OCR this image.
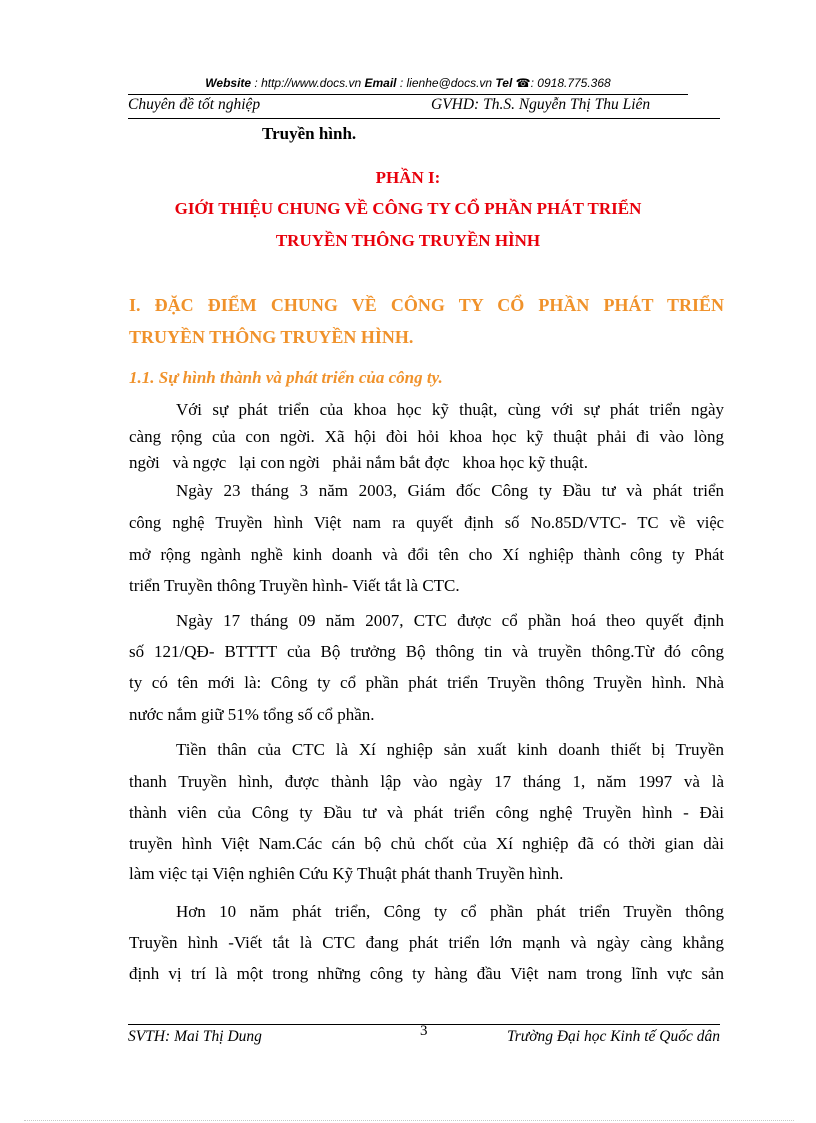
Website : http://www.docs.vn Email : lienhe@docs.vn Tel ☎: 0918.775.368
Chuyên đề tốt nghiệp	GVHD: Th.S. Nguyễn Thị Thu Liên
Truyền hình.
PHẦN I:
GIỚI THIỆU CHUNG VỀ CÔNG TY CỔ PHẦN PHÁT TRIỂN
TRUYỀN THÔNG TRUYỀN HÌNH
I. ĐẶC ĐIỂM CHUNG VỀ CÔNG TY CỔ PHẦN PHÁT TRIỂN
TRUYỀN THÔNG TRUYỀN HÌNH.
1.1. Sự hình thành và phát triển của công ty.
Với sự phát triển của khoa học kỹ thuật, cùng với sự phát triển ngày
càng rộng của con ngời. Xã hội đòi hỏi khoa học kỹ thuật phải đi vào lòng
ngời   và ngợc   lại con ngời   phải nắm bắt đợc   khoa học kỹ thuật.
Ngày 23 tháng 3 năm 2003, Giám đốc Công ty Đầu tư và phát triển
công nghệ Truyền hình Việt nam ra quyết định số No.85D/VTC- TC về việc
mở rộng ngành nghề kinh doanh và đổi tên cho Xí nghiệp thành công ty Phát
triển Truyền thông Truyền hình- Viết tắt là CTC.
Ngày 17 tháng 09 năm 2007, CTC được cổ phần hoá theo quyết định
số 121/QĐ- BTTTT của Bộ trưởng Bộ thông tin và truyền thông.Từ đó công
ty có tên mới là: Công ty cổ phần phát triển Truyền thông Truyền hình. Nhà
nước nắm giữ 51% tổng số cổ phần.
Tiền thân của CTC là Xí nghiệp sản xuất kinh doanh thiết bị Truyền
thanh Truyền hình, được thành lập vào ngày 17 tháng 1, năm 1997 và là
thành viên của Công ty Đầu tư và phát triển công nghệ Truyền hình - Đài
truyền hình Việt Nam.Các cán bộ chủ chốt của Xí nghiệp đã có thời gian dài
làm việc tại Viện nghiên Cứu Kỹ Thuật phát thanh Truyền hình.
Hơn 10 năm phát triển, Công ty cổ phần phát triển Truyền thông
Truyền hình -Viết tắt là CTC đang phát triển lớn mạnh và ngày càng khẳng
định vị trí là một trong những công ty hàng đầu Việt nam trong lĩnh vực sản
SVTH: Mai Thị Dung	3	Trường Đại học Kinh tế Quốc dân
